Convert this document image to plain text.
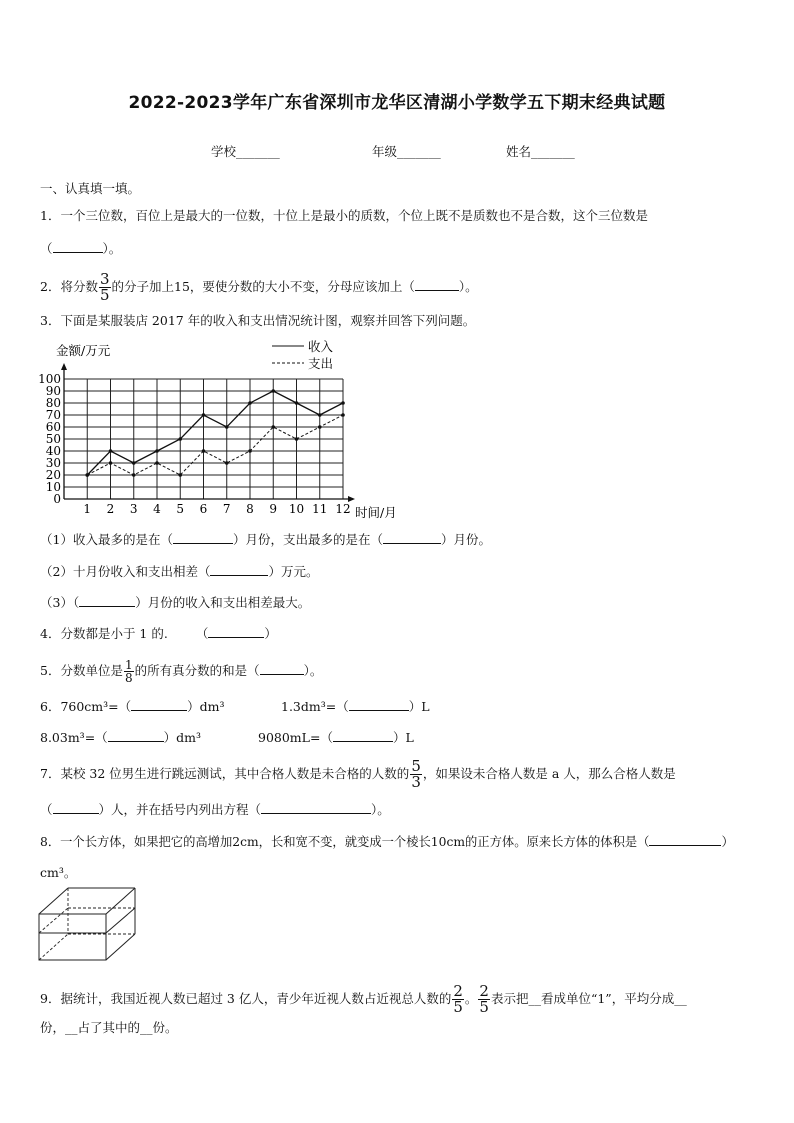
2022-2023学年广东省深圳市龙华区清湖小学数学五下期末经典试题
学校_______	年级_______	姓名_______
一、认真填一填。
1．一个三位数，百位上是最大的一位数，十位上是最小的质数，个位上既不是质数也不是合数，这个三位数是
（	）。
2．将分数 $\frac{3}{5}$ 的分子加上15，要使分数的大小不变，分母应该加上（	）。
3．下面是某服装店 2017 年的收入和支出情况统计图，观察并回答下列问题。
金额/万元
0
10
20
30
40
50
60
70
80
90
100
1 2 3 4 5 6 7 8 9 10 11 12 时间/月
收入
支出
（1）收入最多的是在（	）月份，支出最多的是在（	）月份。
（2）十月份收入和支出相差（	）万元。
（3）（	）月份的收入和支出相差最大。
4．分数都是小于 1 的. （	）
5．分数单位是 $\frac{1}{8}$ 的所有真分数的和是（	）。
6．760cm³=（	）dm³	1.3dm³=（	）L
8.03m³=（	）dm³	9080mL=（	）L
7．某校 32 位男生进行跳远测试，其中合格人数是未合格的人数的 $\frac{5}{3}$ ，如果设未合格人数是 a 人，那么合格人数是
（	）人，并在括号内列出方程（	）。
8．一个长方体，如果把它的高增加2cm，长和宽不变，就变成一个棱长10cm的正方体。原来长方体的体积是（	）
cm³。
9．据统计，我国近视人数已超过 3 亿人，青少年近视人数占近视总人数的 $\frac{2}{5}$ 。 $\frac{2}{5}$ 表示把__看成单位“1”，平均分成__
份，__占了其中的__份。
